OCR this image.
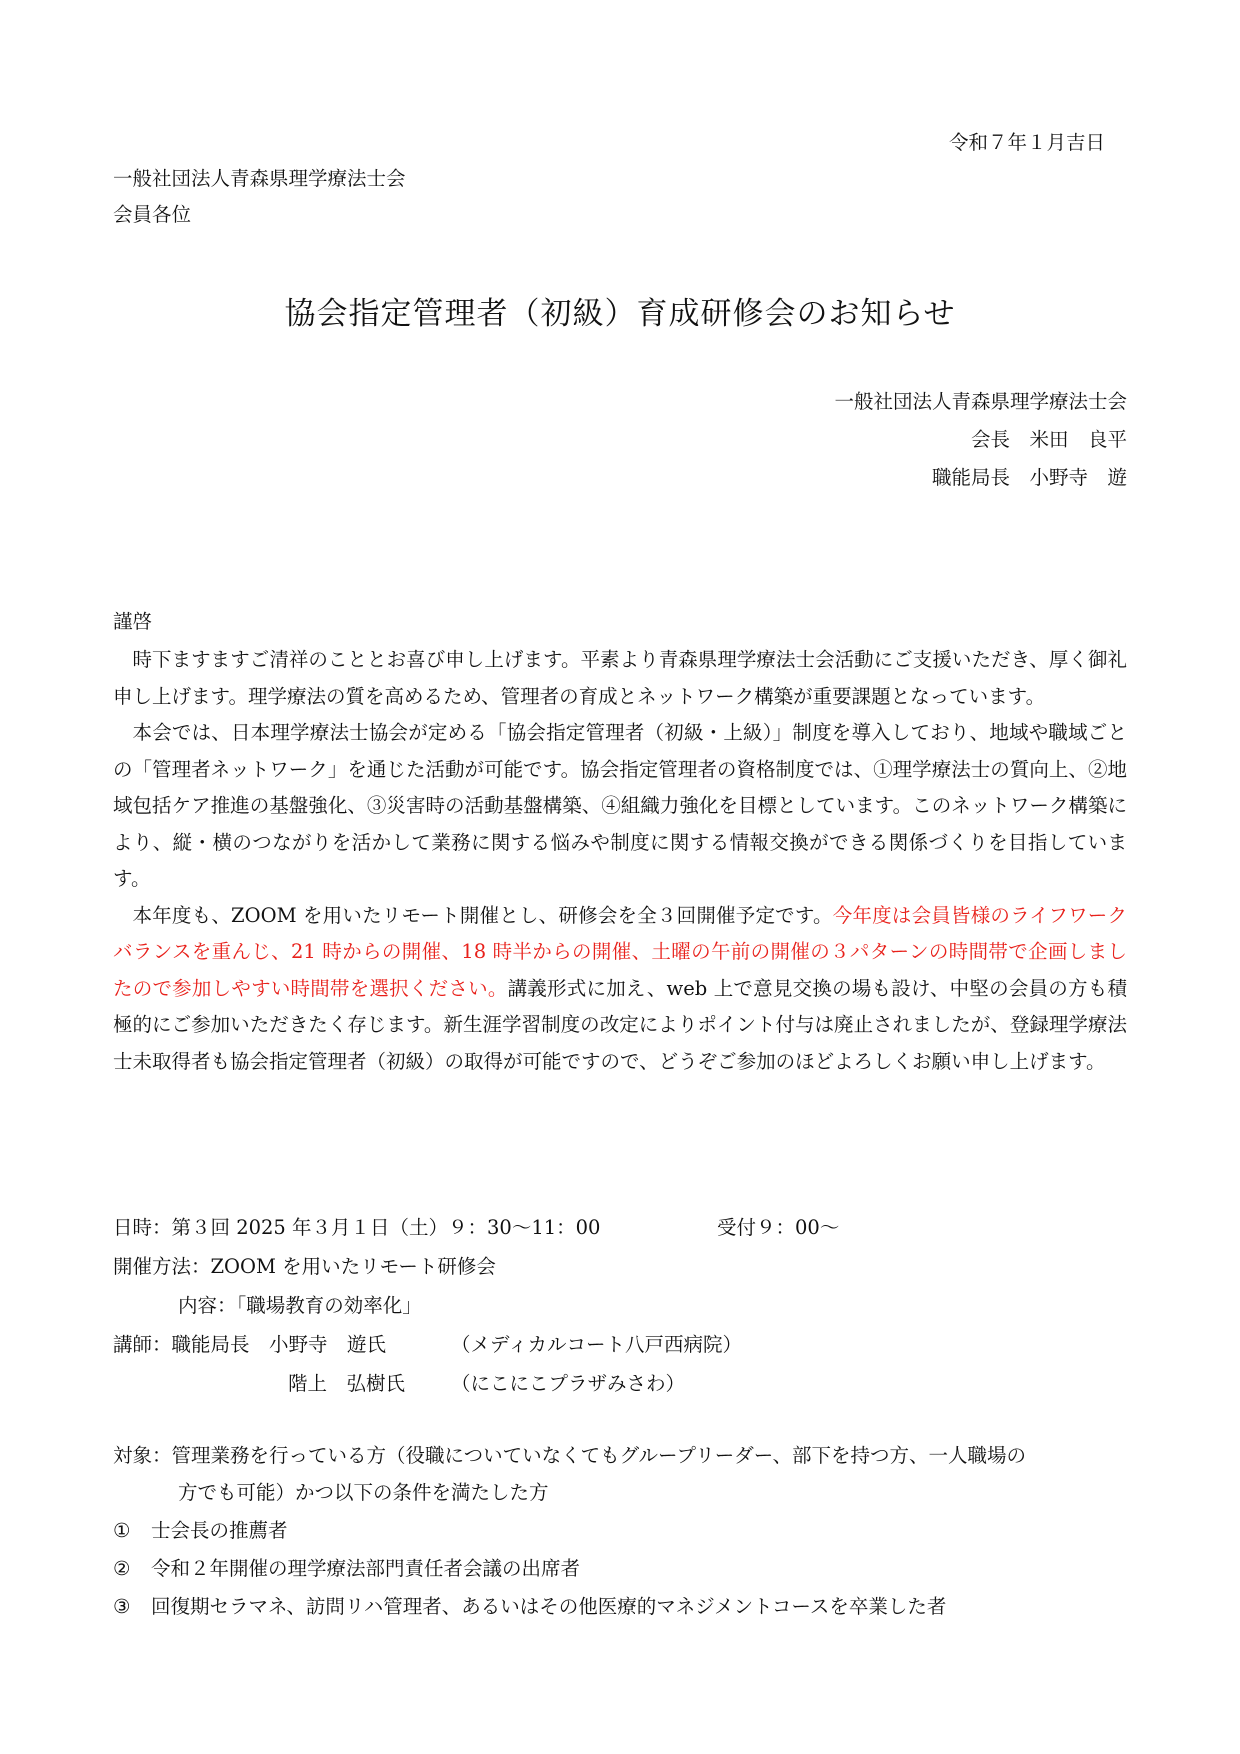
令和７年１月吉日
一般社団法人青森県理学療法士会
会員各位
協会指定管理者（初級）育成研修会のお知らせ
一般社団法人青森県理学療法士会
会長　米田　良平
職能局長　小野寺　遊
謹啓

時下ますますご清祥のこととお喜び申し上げます。平素より青森県理学療法士会活動にご支援いただき、厚く御礼申し上げます。理学療法の質を高めるため、管理者の育成とネットワーク構築が重要課題となっています。

本会では、日本理学療法士協会が定める「協会指定管理者（初級・上級）」制度を導入しており、地域や職域ごとの「管理者ネットワーク」を通じた活動が可能です。協会指定管理者の資格制度では、①理学療法士の質向上、②地域包括ケア推進の基盤強化、③災害時の活動基盤構築、④組織力強化を目標としています。このネットワーク構築により、縦・横のつながりを活かして業務に関する悩みや制度に関する情報交換ができる関係づくりを目指しています。

本年度も、ZOOM を用いたリモート開催とし、研修会を全３回開催予定です。今年度は会員皆様のライフワークバランスを重んじ、21 時からの開催、18 時半からの開催、土曜の午前の開催の３パターンの時間帯で企画しましたので参加しやすい時間帯を選択ください。講義形式に加え、web 上で意見交換の場も設け、中堅の会員の方も積極的にご参加いただきたく存じます。新生涯学習制度の改定によりポイント付与は廃止されましたが、登録理学療法士未取得者も協会指定管理者（初級）の取得が可能ですので、どうぞご参加のほどよろしくお願い申し上げます。

日時：第３回 2025 年３月１日（土）９：30～11：00	受付９：00～
開催方法：ZOOM を用いたリモート研修会
内容：「職場教育の効率化」
講師：職能局長　小野寺　遊氏	（メディカルコート八戸西病院）
階上　弘樹氏 （にこにこプラザみさわ）
対象：管理業務を行っている方（役職についていなくてもグループリーダー、部下を持つ方、一人職場の
方でも可能）かつ以下の条件を満たした方
① 士会長の推薦者
② 令和２年開催の理学療法部門責任者会議の出席者
③ 回復期セラマネ、訪問リハ管理者、あるいはその他医療的マネジメントコースを卒業した者
